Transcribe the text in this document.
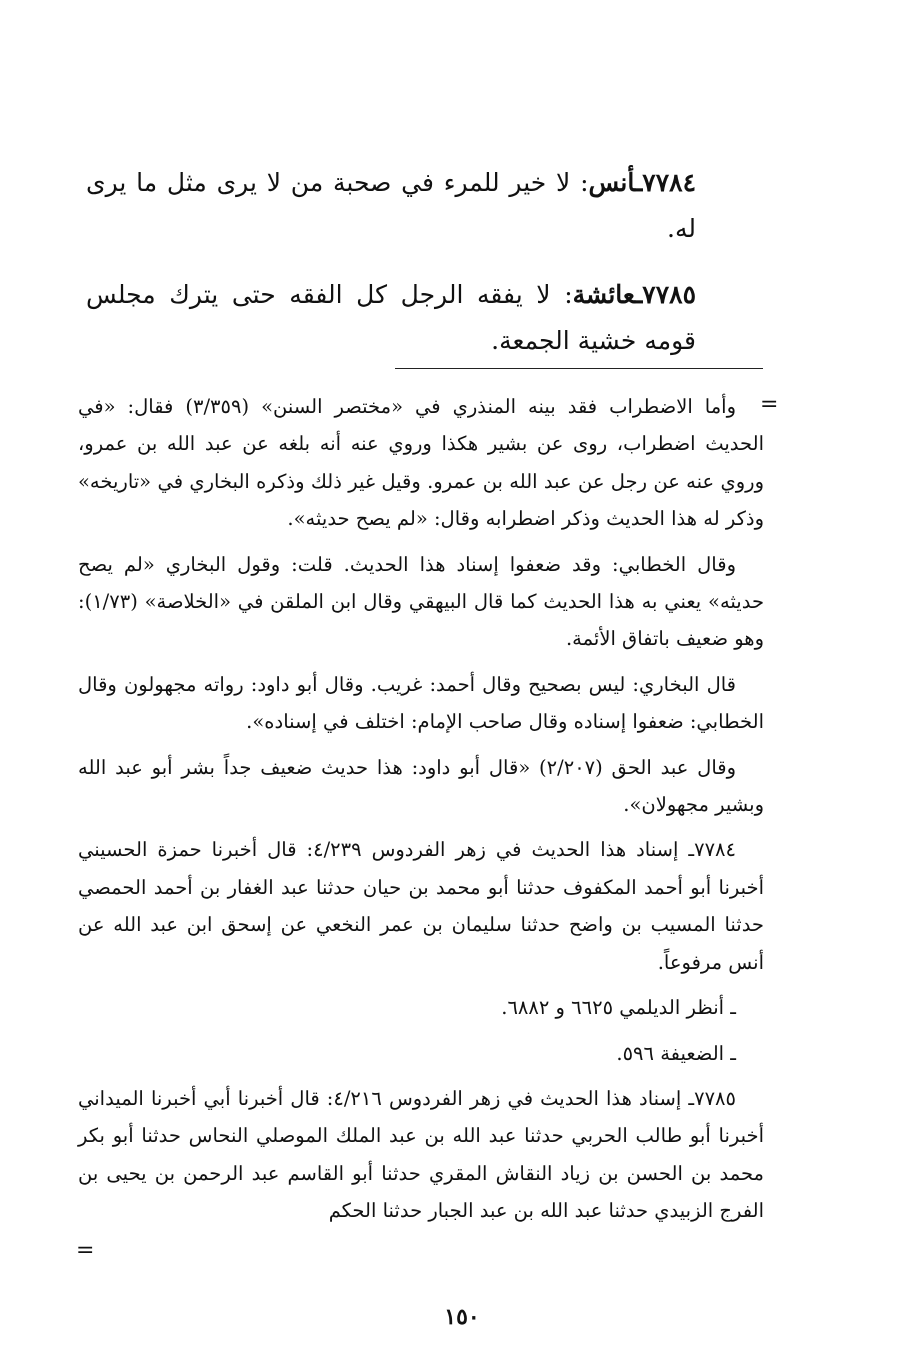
٧٧٨٤ـأنس: لا خير للمرء في صحبة من لا يرى مثل ما يرى له.

٧٧٨٥ـعائشة: لا يفقه الرجل كل الفقه حتى يترك مجلس قومه خشية الجمعة.

=

وأما الاضطراب فقد بينه المنذري في «مختصر السنن» (٣/٣٥٩) فقال: «في الحديث اضطراب، روى عن بشير هكذا وروي عنه أنه بلغه عن عبد الله بن عمرو، وروي عنه عن رجل عن عبد الله بن عمرو. وقيل غير ذلك وذكره البخاري في «تاريخه» وذكر له هذا الحديث وذكر اضطرابه وقال: «لم يصح حديثه».

وقال الخطابي: وقد ضعفوا إسناد هذا الحديث. قلت: وقول البخاري «لم يصح حديثه» يعني به هذا الحديث كما قال البيهقي وقال ابن الملقن في «الخلاصة» (١/٧٣): وهو ضعيف باتفاق الأئمة.

قال البخاري: ليس بصحيح وقال أحمد: غريب. وقال أبو داود: رواته مجهولون وقال الخطابي: ضعفوا إسناده وقال صاحب الإمام: اختلف في إسناده».

وقال عبد الحق (٢/٢٠٧) «قال أبو داود: هذا حديث ضعيف جداً بشر أبو عبد الله وبشير مجهولان».

٧٧٨٤ـ إسناد هذا الحديث في زهر الفردوس ٤/٢٣٩: قال أخبرنا حمزة الحسيني أخبرنا أبو أحمد المكفوف حدثنا أبو محمد بن حيان حدثنا عبد الغفار بن أحمد الحمصي حدثنا المسيب بن واضح حدثنا سليمان بن عمر النخعي عن إسحق ابن عبد الله عن أنس مرفوعاً.

ـ أنظر الديلمي ٦٦٢٥ و ٦٨٨٢.

ـ الضعيفة ٥٩٦.

٧٧٨٥ـ إسناد هذا الحديث في زهر الفردوس ٤/٢١٦: قال أخبرنا أبي أخبرنا الميداني أخبرنا أبو طالب الحربي حدثنا عبد الله بن عبد الملك الموصلي النحاس حدثنا أبو بكر محمد بن الحسن بن زياد النقاش المقري حدثنا أبو القاسم عبد الرحمن بن يحيى بن الفرج الزبيدي حدثنا عبد الله بن عبد الجبار حدثنا الحكم

=
١٥٠
